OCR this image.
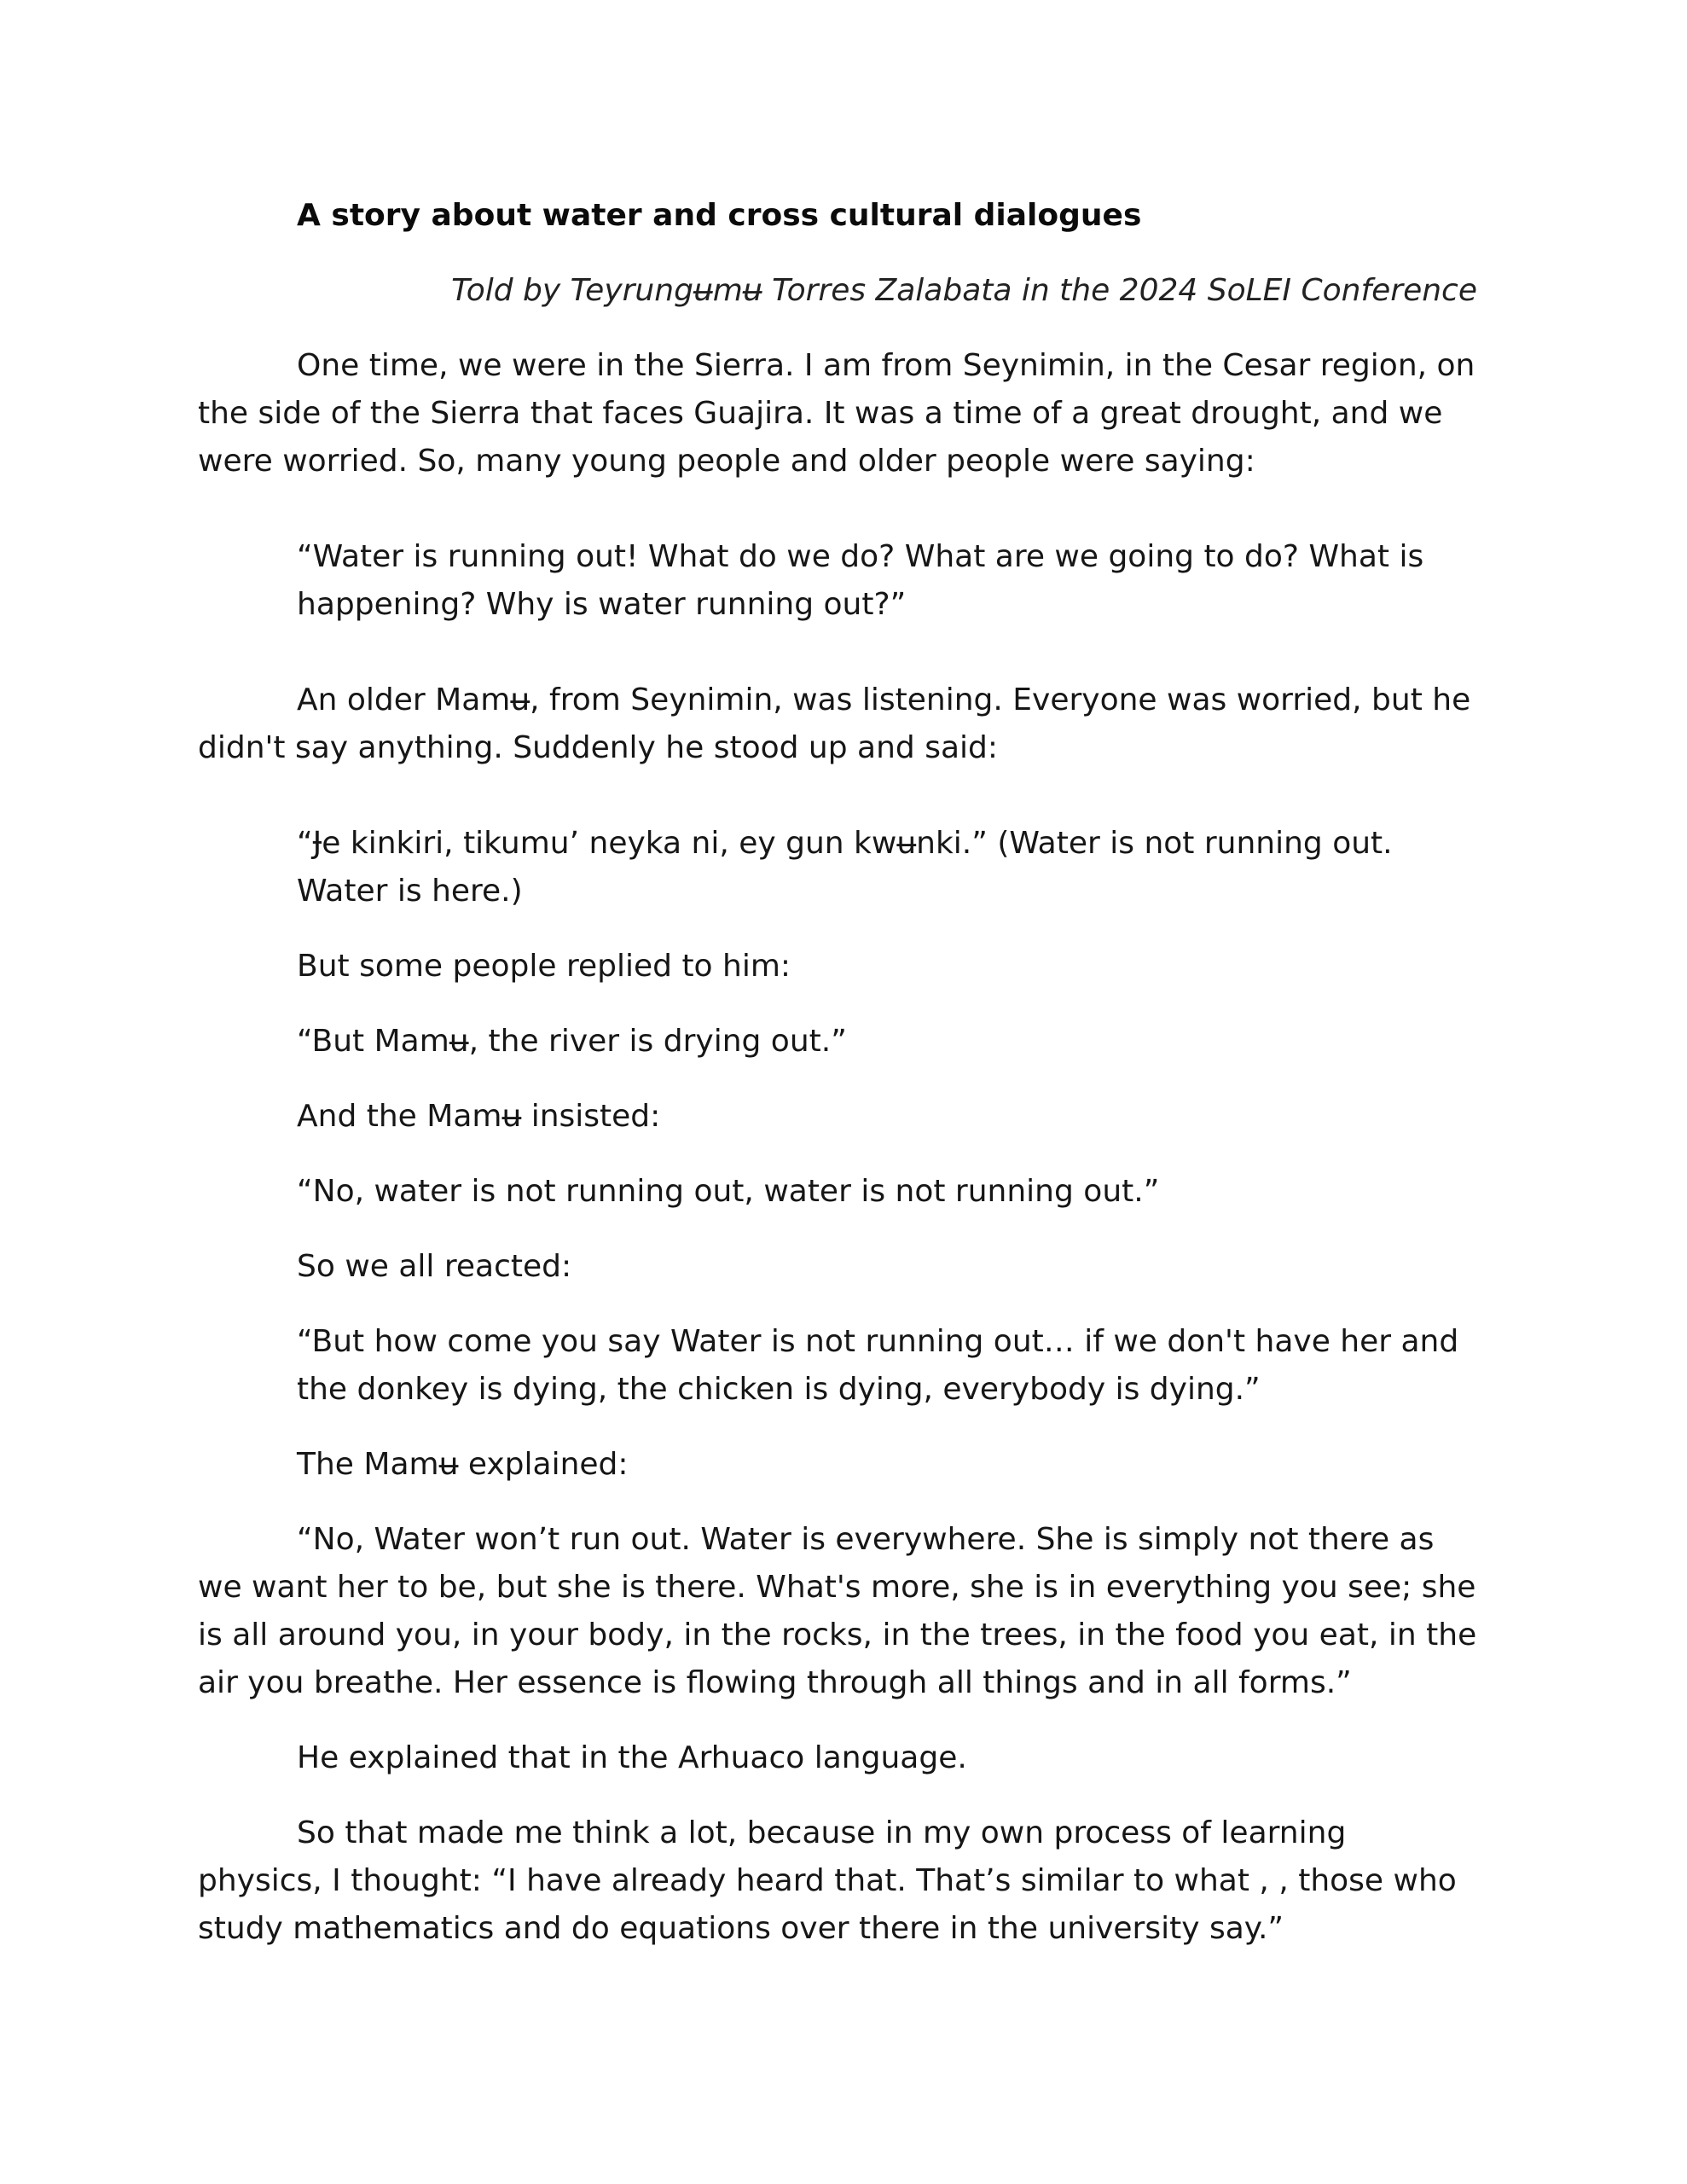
A story about water and cross cultural dialogues

Told by Teyrungʉmʉ Torres Zalabata in the 2024 SoLEI Conference

One time, we were in the Sierra. I am from Seynimin, in the Cesar region, on the side of the Sierra that faces Guajira. It was a time of a great drought, and we were worried. So, many young people and older people were saying:

“Water is running out! What do we do? What are we going to do? What is happening? Why is water running out?”

An older Mamʉ, from Seynimin, was listening. Everyone was worried, but he didn't say anything. Suddenly he stood up and said:

“Ɉe kinkiri, tikumu’ neyka ni, ey gun kwʉnki.” (Water is not running out. Water is here.)

But some people replied to him:

“But Mamʉ, the river is drying out.”

And the Mamʉ insisted:

“No, water is not running out, water is not running out.”

So we all reacted:

“But how come you say Water is not running out… if we don't have her and the donkey is dying, the chicken is dying, everybody is dying.”

The Mamʉ explained:

“No, Water won’t run out. Water is everywhere. She is simply not there as we want her to be, but she is there. What's more, she is in everything you see; she is all around you, in your body, in the rocks, in the trees, in the food you eat, in the air you breathe. Her essence is flowing through all things and in all forms.”

He explained that in the Arhuaco language.

So that made me think a lot, because in my own process of learning physics, I thought: “I have already heard that. That’s similar to what , , those who study mathematics and do equations over there in the university say.”
